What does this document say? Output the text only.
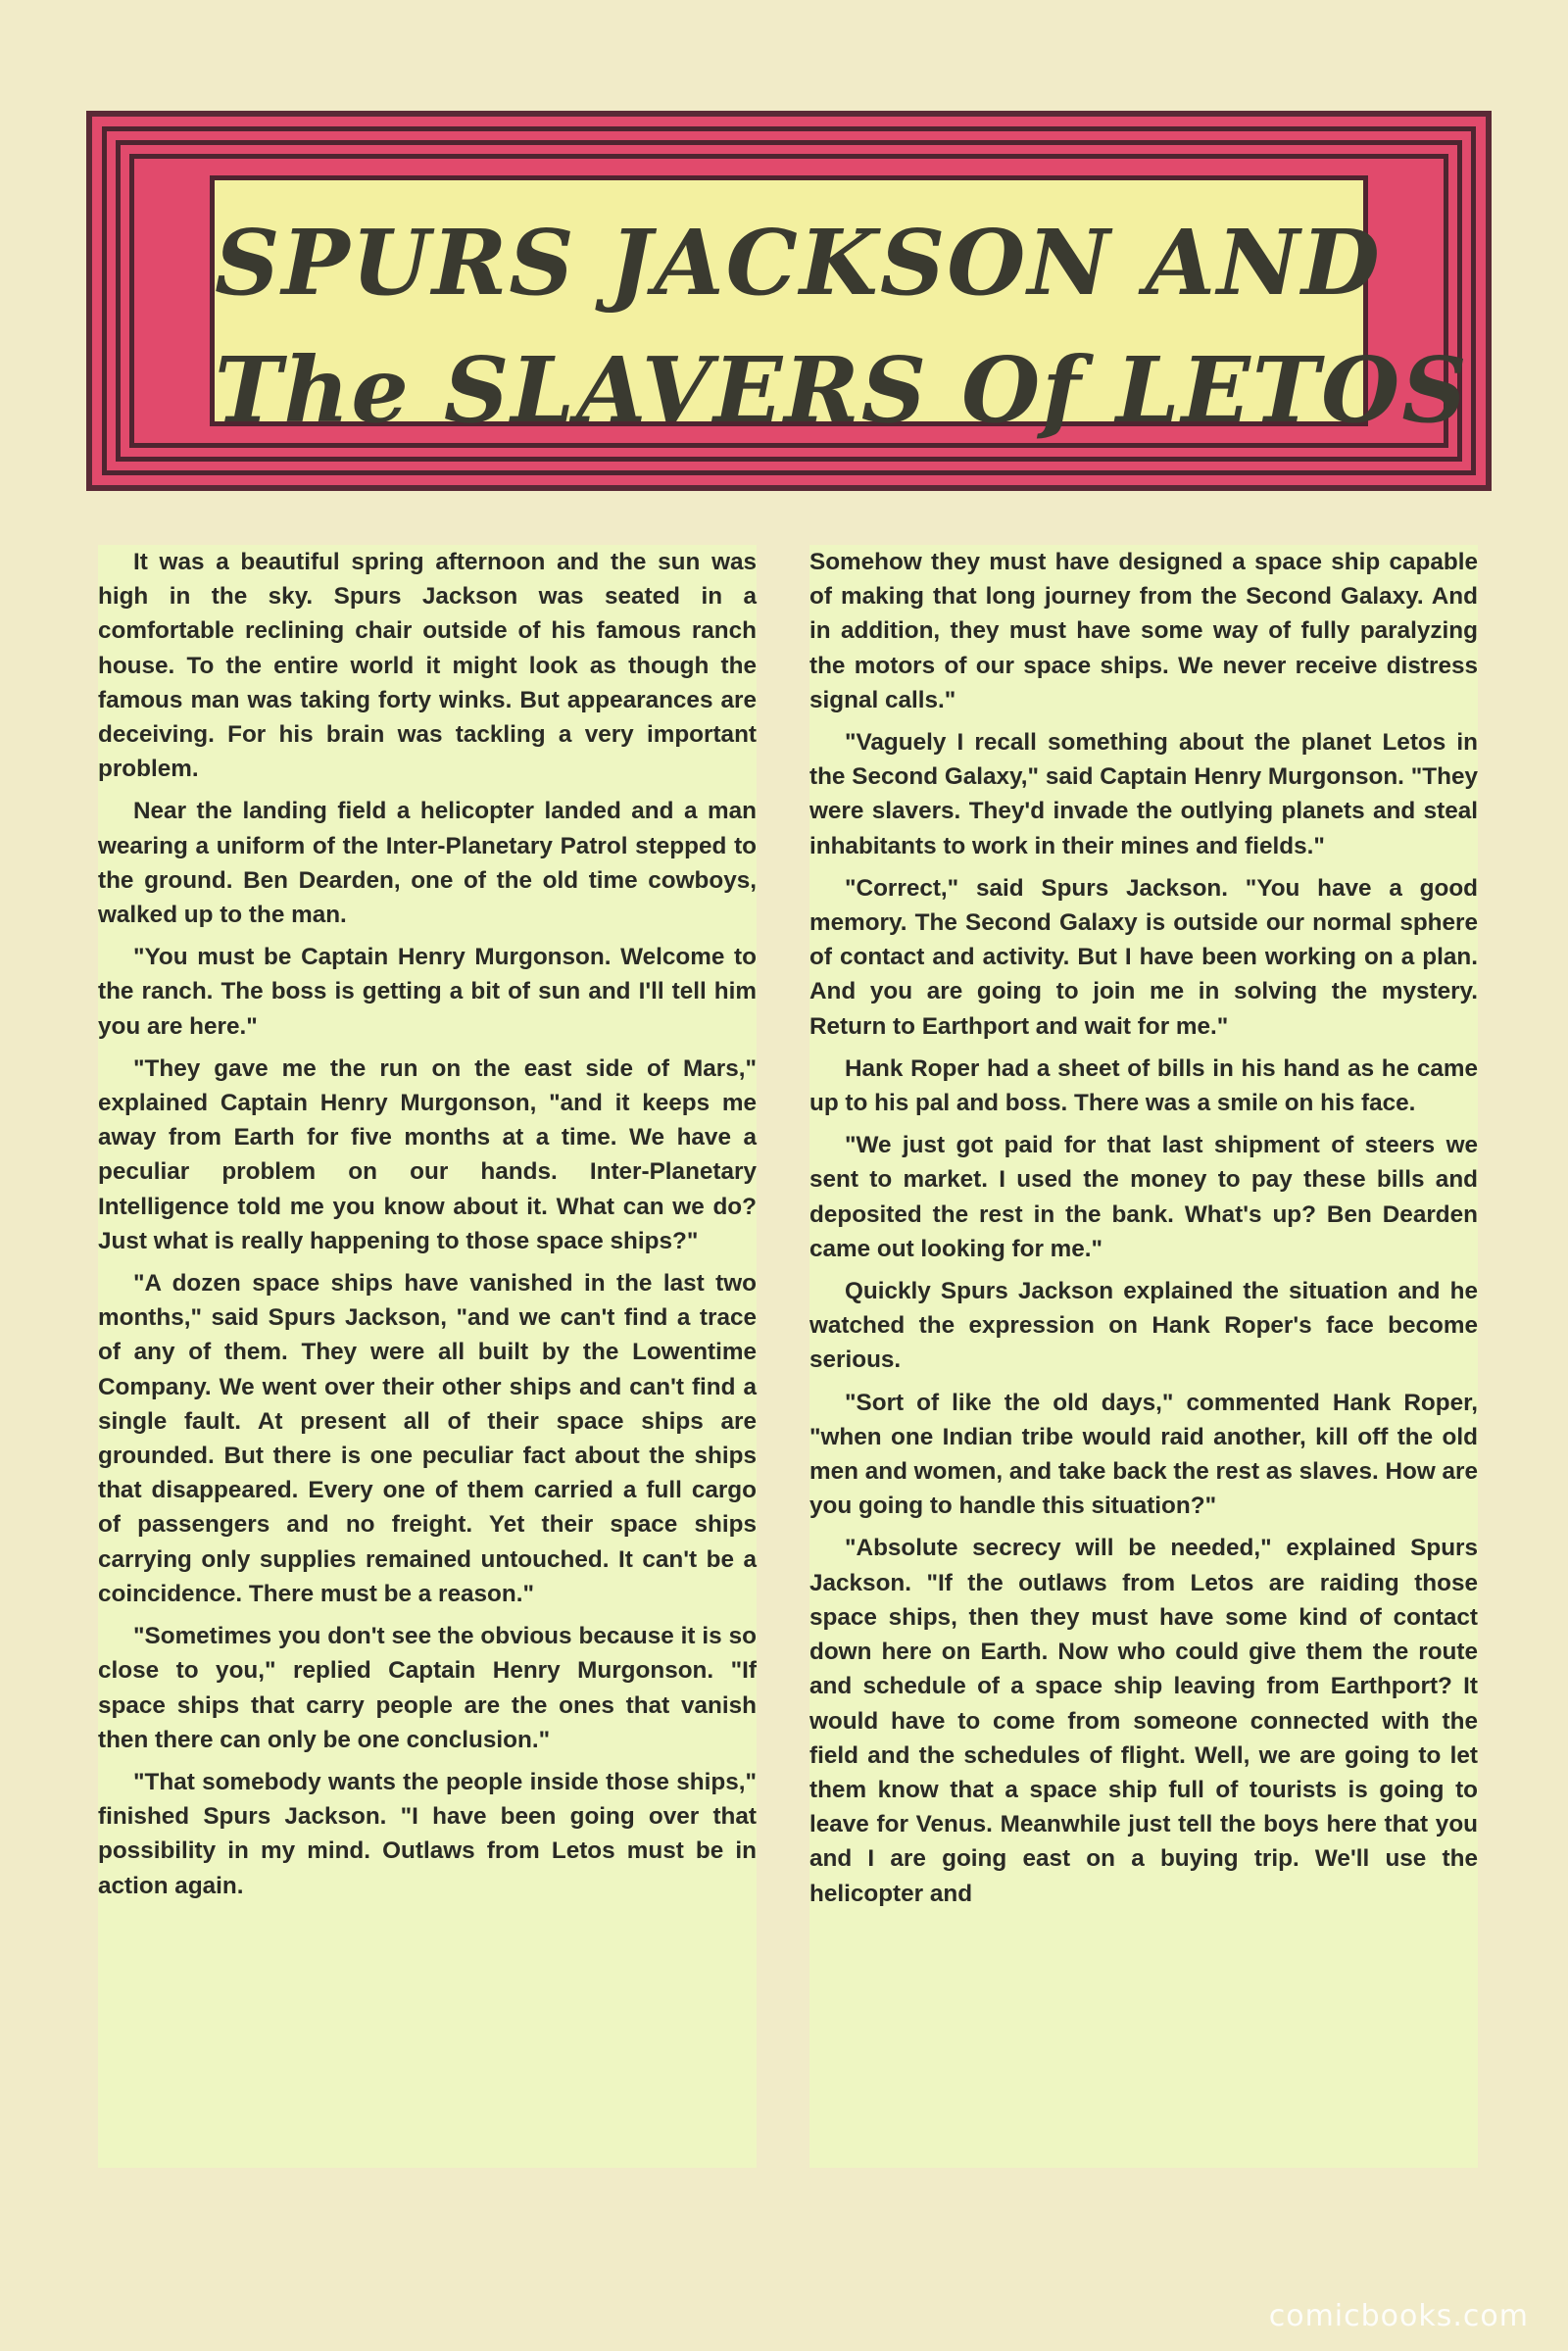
SPURS JACKSON AND
The SLAVERS Of LETOS

It was a beautiful spring afternoon and the sun was high in the sky. Spurs Jackson was seated in a comfortable reclining chair outside of his famous ranch house. To the entire world it might look as though the famous man was taking forty winks. But appearances are deceiving. For his brain was tackling a very important problem.

Near the landing field a helicopter landed and a man wearing a uniform of the Inter-Planetary Patrol stepped to the ground. Ben Dearden, one of the old time cowboys, walked up to the man.

"You must be Captain Henry Murgonson. Welcome to the ranch. The boss is getting a bit of sun and I'll tell him you are here."

"They gave me the run on the east side of Mars," explained Captain Henry Murgonson, "and it keeps me away from Earth for five months at a time. We have a peculiar problem on our hands. Inter-Planetary Intelligence told me you know about it. What can we do? Just what is really happening to those space ships?"

"A dozen space ships have vanished in the last two months," said Spurs Jackson, "and we can't find a trace of any of them. They were all built by the Lowentime Company. We went over their other ships and can't find a single fault. At present all of their space ships are grounded. But there is one peculiar fact about the ships that disappeared. Every one of them carried a full cargo of passengers and no freight. Yet their space ships carrying only supplies remained untouched. It can't be a coincidence. There must be a reason."

"Sometimes you don't see the obvious because it is so close to you," replied Captain Henry Murgonson. "If space ships that carry people are the ones that vanish then there can only be one conclusion."

"That somebody wants the people inside those ships," finished Spurs Jackson. "I have been going over that possibility in my mind. Outlaws from Letos must be in action again.

Somehow they must have designed a space ship capable of making that long journey from the Second Galaxy. And in addition, they must have some way of fully paralyzing the motors of our space ships. We never receive distress signal calls."

"Vaguely I recall something about the planet Letos in the Second Galaxy," said Captain Henry Murgonson. "They were slavers. They'd invade the outlying planets and steal inhabitants to work in their mines and fields."

"Correct," said Spurs Jackson. "You have a good memory. The Second Galaxy is outside our normal sphere of contact and activity. But I have been working on a plan. And you are going to join me in solving the mystery. Return to Earthport and wait for me."

Hank Roper had a sheet of bills in his hand as he came up to his pal and boss. There was a smile on his face.

"We just got paid for that last shipment of steers we sent to market. I used the money to pay these bills and deposited the rest in the bank. What's up? Ben Dearden came out looking for me."

Quickly Spurs Jackson explained the situation and he watched the expression on Hank Roper's face become serious.

"Sort of like the old days," commented Hank Roper, "when one Indian tribe would raid another, kill off the old men and women, and take back the rest as slaves. How are you going to handle this situation?"

"Absolute secrecy will be needed," explained Spurs Jackson. "If the outlaws from Letos are raiding those space ships, then they must have some kind of contact down here on Earth. Now who could give them the route and schedule of a space ship leaving from Earthport? It would have to come from someone connected with the field and the schedules of flight. Well, we are going to let them know that a space ship full of tourists is going to leave for Venus. Meanwhile just tell the boys here that you and I are going east on a buying trip. We'll use the helicopter and

comicbooks.com
